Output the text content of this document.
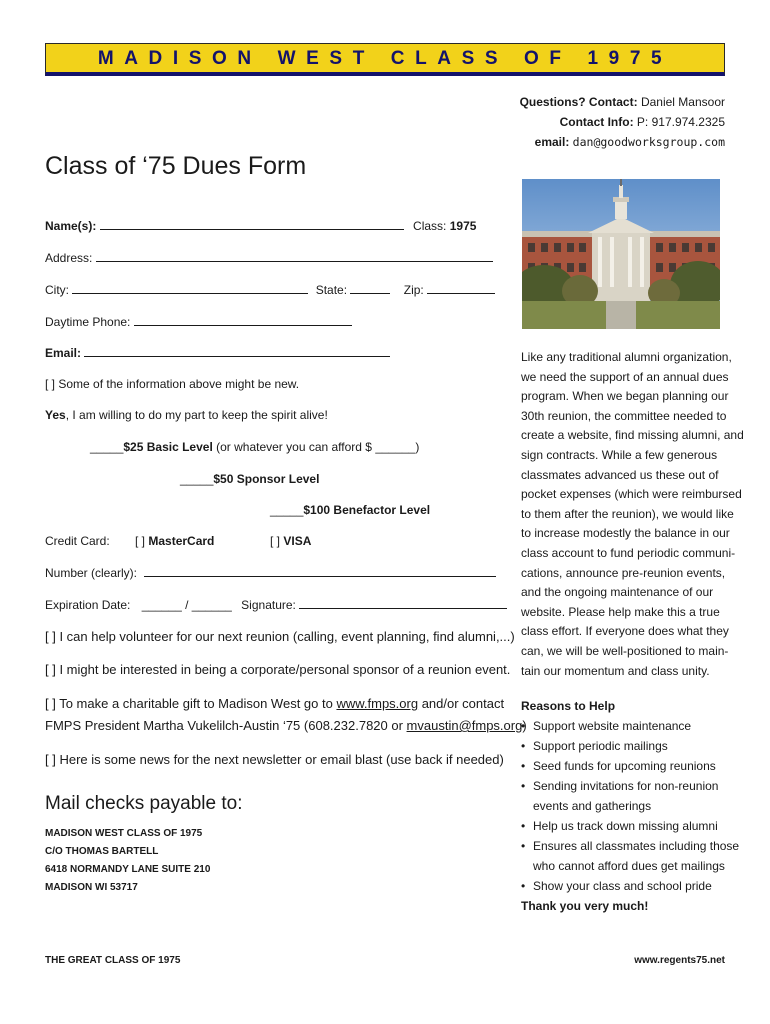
MADISON WEST CLASS OF 1975
Questions? Contact: Daniel Mansoor
Contact Info: P: 917.974.2325
email: dan@goodworksgroup.com
Class of ‘75 Dues Form
Name(s):	Class: 1975
Address:
City:	State:	Zip:
Daytime Phone:
Email:
[ ] Some of the information above might be new.
Yes, I am willing to do my part to keep the spirit alive!
_____$25 Basic Level (or whatever you can afford $ ______)
_____$50 Sponsor Level
_____$100 Benefactor Level
Credit Card: [ ] MasterCard	[ ] VISA
Number (clearly):
Expiration Date: ______ / ______ Signature:
[ ] I can help volunteer for our next reunion (calling, event planning, find alumni,...)
[ ] I might be interested in being a corporate/personal sponsor of a reunion event.
[ ] To make a charitable gift to Madison West go to www.fmps.org and/or contact
FMPS President Martha Vukelilch-Austin ‘75 (608.232.7820 or mvaustin@fmps.org)
[ ] Here is some news for the next newsletter or email blast (use back if needed)
Mail checks payable to:
MADISON WEST CLASS OF 1975
C/O THOMAS BARTELL
6418 NORMANDY LANE SUITE 210
MADISON WI 53717
Like any traditional alumni organization,
we need the support of an annual dues
program. When we began planning our
30th reunion, the committee needed to
create a website, find missing alumni, and
sign contracts. While a few generous
classmates advanced us these out of
pocket expenses (which were reimbursed
to them after the reunion), we would like
to increase modestly the balance in our
class account to fund periodic communi-
cations, announce pre-reunion events,
and the ongoing maintenance of our
website. Please help make this a true
class effort. If everyone does what they
can, we will be well-positioned to main-
tain our momentum and class unity.
Reasons to Help
• Support website maintenance
• Support periodic mailings
• Seed funds for upcoming reunions
• Sending invitations for non-reunion
events and gatherings
• Help us track down missing alumni
• Ensures all classmates including those
who cannot afford dues get mailings
• Show your class and school pride
Thank you very much!
THE GREAT CLASS OF 1975	www.regents75.net
